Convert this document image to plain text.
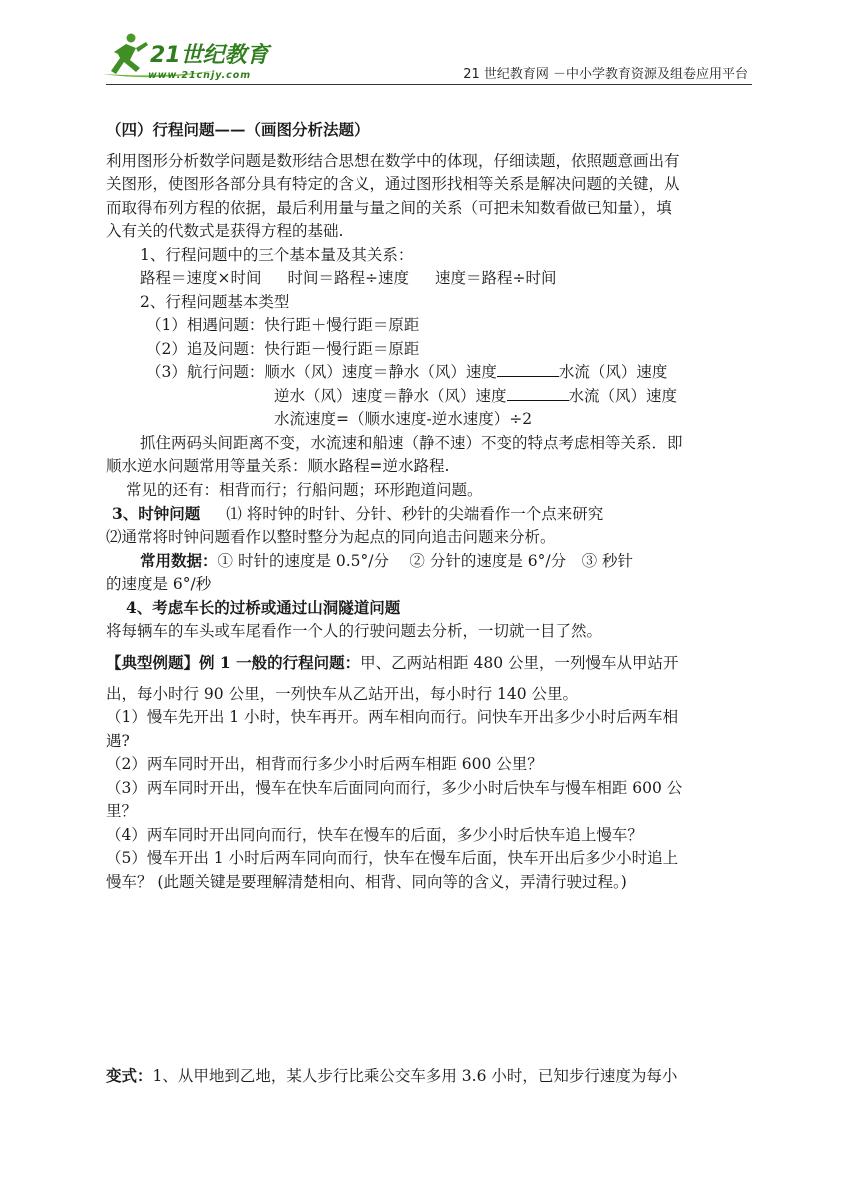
21世纪教育
www.21cnjy.com	21 世纪教育网 －中小学教育资源及组卷应用平台
（四）行程问题——（画图分析法题）
利用图形分析数学问题是数形结合思想在数学中的体现，仔细读题，依照题意画出有
关图形，使图形各部分具有特定的含义，通过图形找相等关系是解决问题的关键，从
而取得布列方程的依据，最后利用量与量之间的关系（可把未知数看做已知量），填
入有关的代数式是获得方程的基础.
1、行程问题中的三个基本量及其关系：
路程＝速度×时间 时间＝路程÷速度 速度＝路程÷时间
2、行程问题基本类型
（1）相遇问题：快行距＋慢行距＝原距
（2）追及问题：快行距－慢行距＝原距
（3）航行问题：顺水（风）速度＝静水（风）速度	水流（风）速度
逆水（风）速度＝静水（风）速度	水流（风）速度
水流速度=（顺水速度-逆水速度）÷2
抓住两码头间距离不变，水流速和船速（静不速）不变的特点考虑相等关系．即
顺水逆水问题常用等量关系：顺水路程=逆水路程.
常见的还有：相背而行；行船问题；环形跑道问题。
3、时钟问题 ⑴ 将时钟的时针、分针、秒针的尖端看作一个点来研究
⑵通常将时钟问题看作以整时整分为起点的同向追击问题来分析。
常用数据：① 时针的速度是 0.5°/分　 ② 分针的速度是 6°/分　③ 秒针
的速度是 6°/秒
4、考虑车长的过桥或通过山洞隧道问题
将每辆车的车头或车尾看作一个人的行驶问题去分析，一切就一目了然。
【典型例题】例 1 一般的行程问题：甲、乙两站相距 480 公里，一列慢车从甲站开
出，每小时行 90 公里，一列快车从乙站开出，每小时行 140 公里。
（1）慢车先开出 1 小时，快车再开。两车相向而行。问快车开出多少小时后两车相
遇?
（2）两车同时开出，相背而行多少小时后两车相距 600 公里？
（3）两车同时开出，慢车在快车后面同向而行，多少小时后快车与慢车相距 600 公
里？
（4）两车同时开出同向而行，快车在慢车的后面，多少小时后快车追上慢车？
（5）慢车开出 1 小时后两车同向而行，快车在慢车后面，快车开出后多少小时追上
慢车？ (此题关键是要理解清楚相向、相背、同向等的含义，弄清行驶过程。)
变式：1、从甲地到乙地，某人步行比乘公交车多用 3.6 小时，已知步行速度为每小
